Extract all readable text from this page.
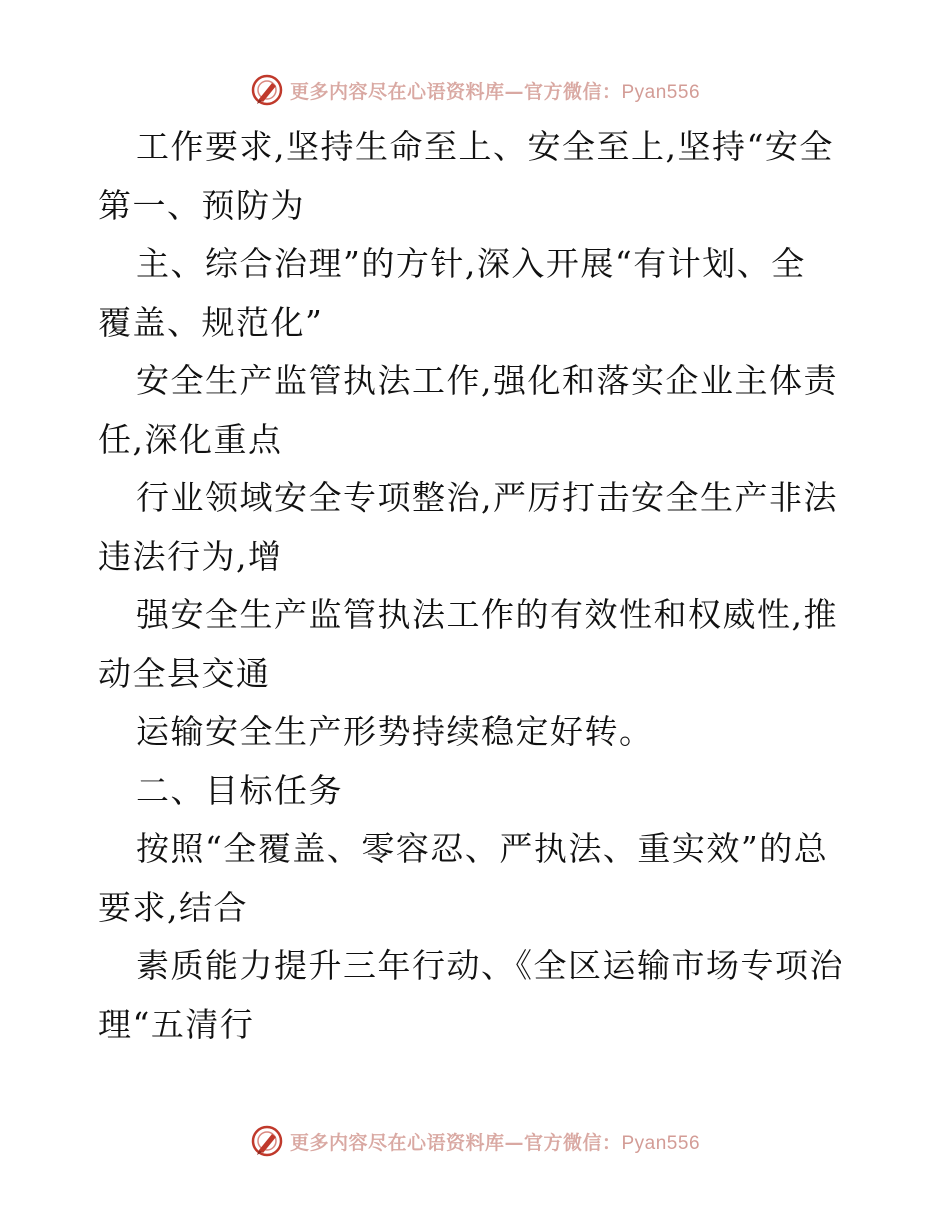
更多内容尽在心语资料库—官方微信：Pyan556
工作要求,坚持生命至上、安全至上,坚持“安全
第一、预防为
主、综合治理”的方针,深入开展“有计划、全
覆盖、规范化”
安全生产监管执法工作,强化和落实企业主体责
任,深化重点
行业领域安全专项整治,严厉打击安全生产非法
违法行为,增
强安全生产监管执法工作的有效性和权威性,推
动全县交通
运输安全生产形势持续稳定好转。
二、目标任务
按照“全覆盖、零容忍、严执法、重实效”的总
要求,结合
素质能力提升三年行动、《全区运输市场专项治
理“五清行
更多内容尽在心语资料库—官方微信：Pyan556
